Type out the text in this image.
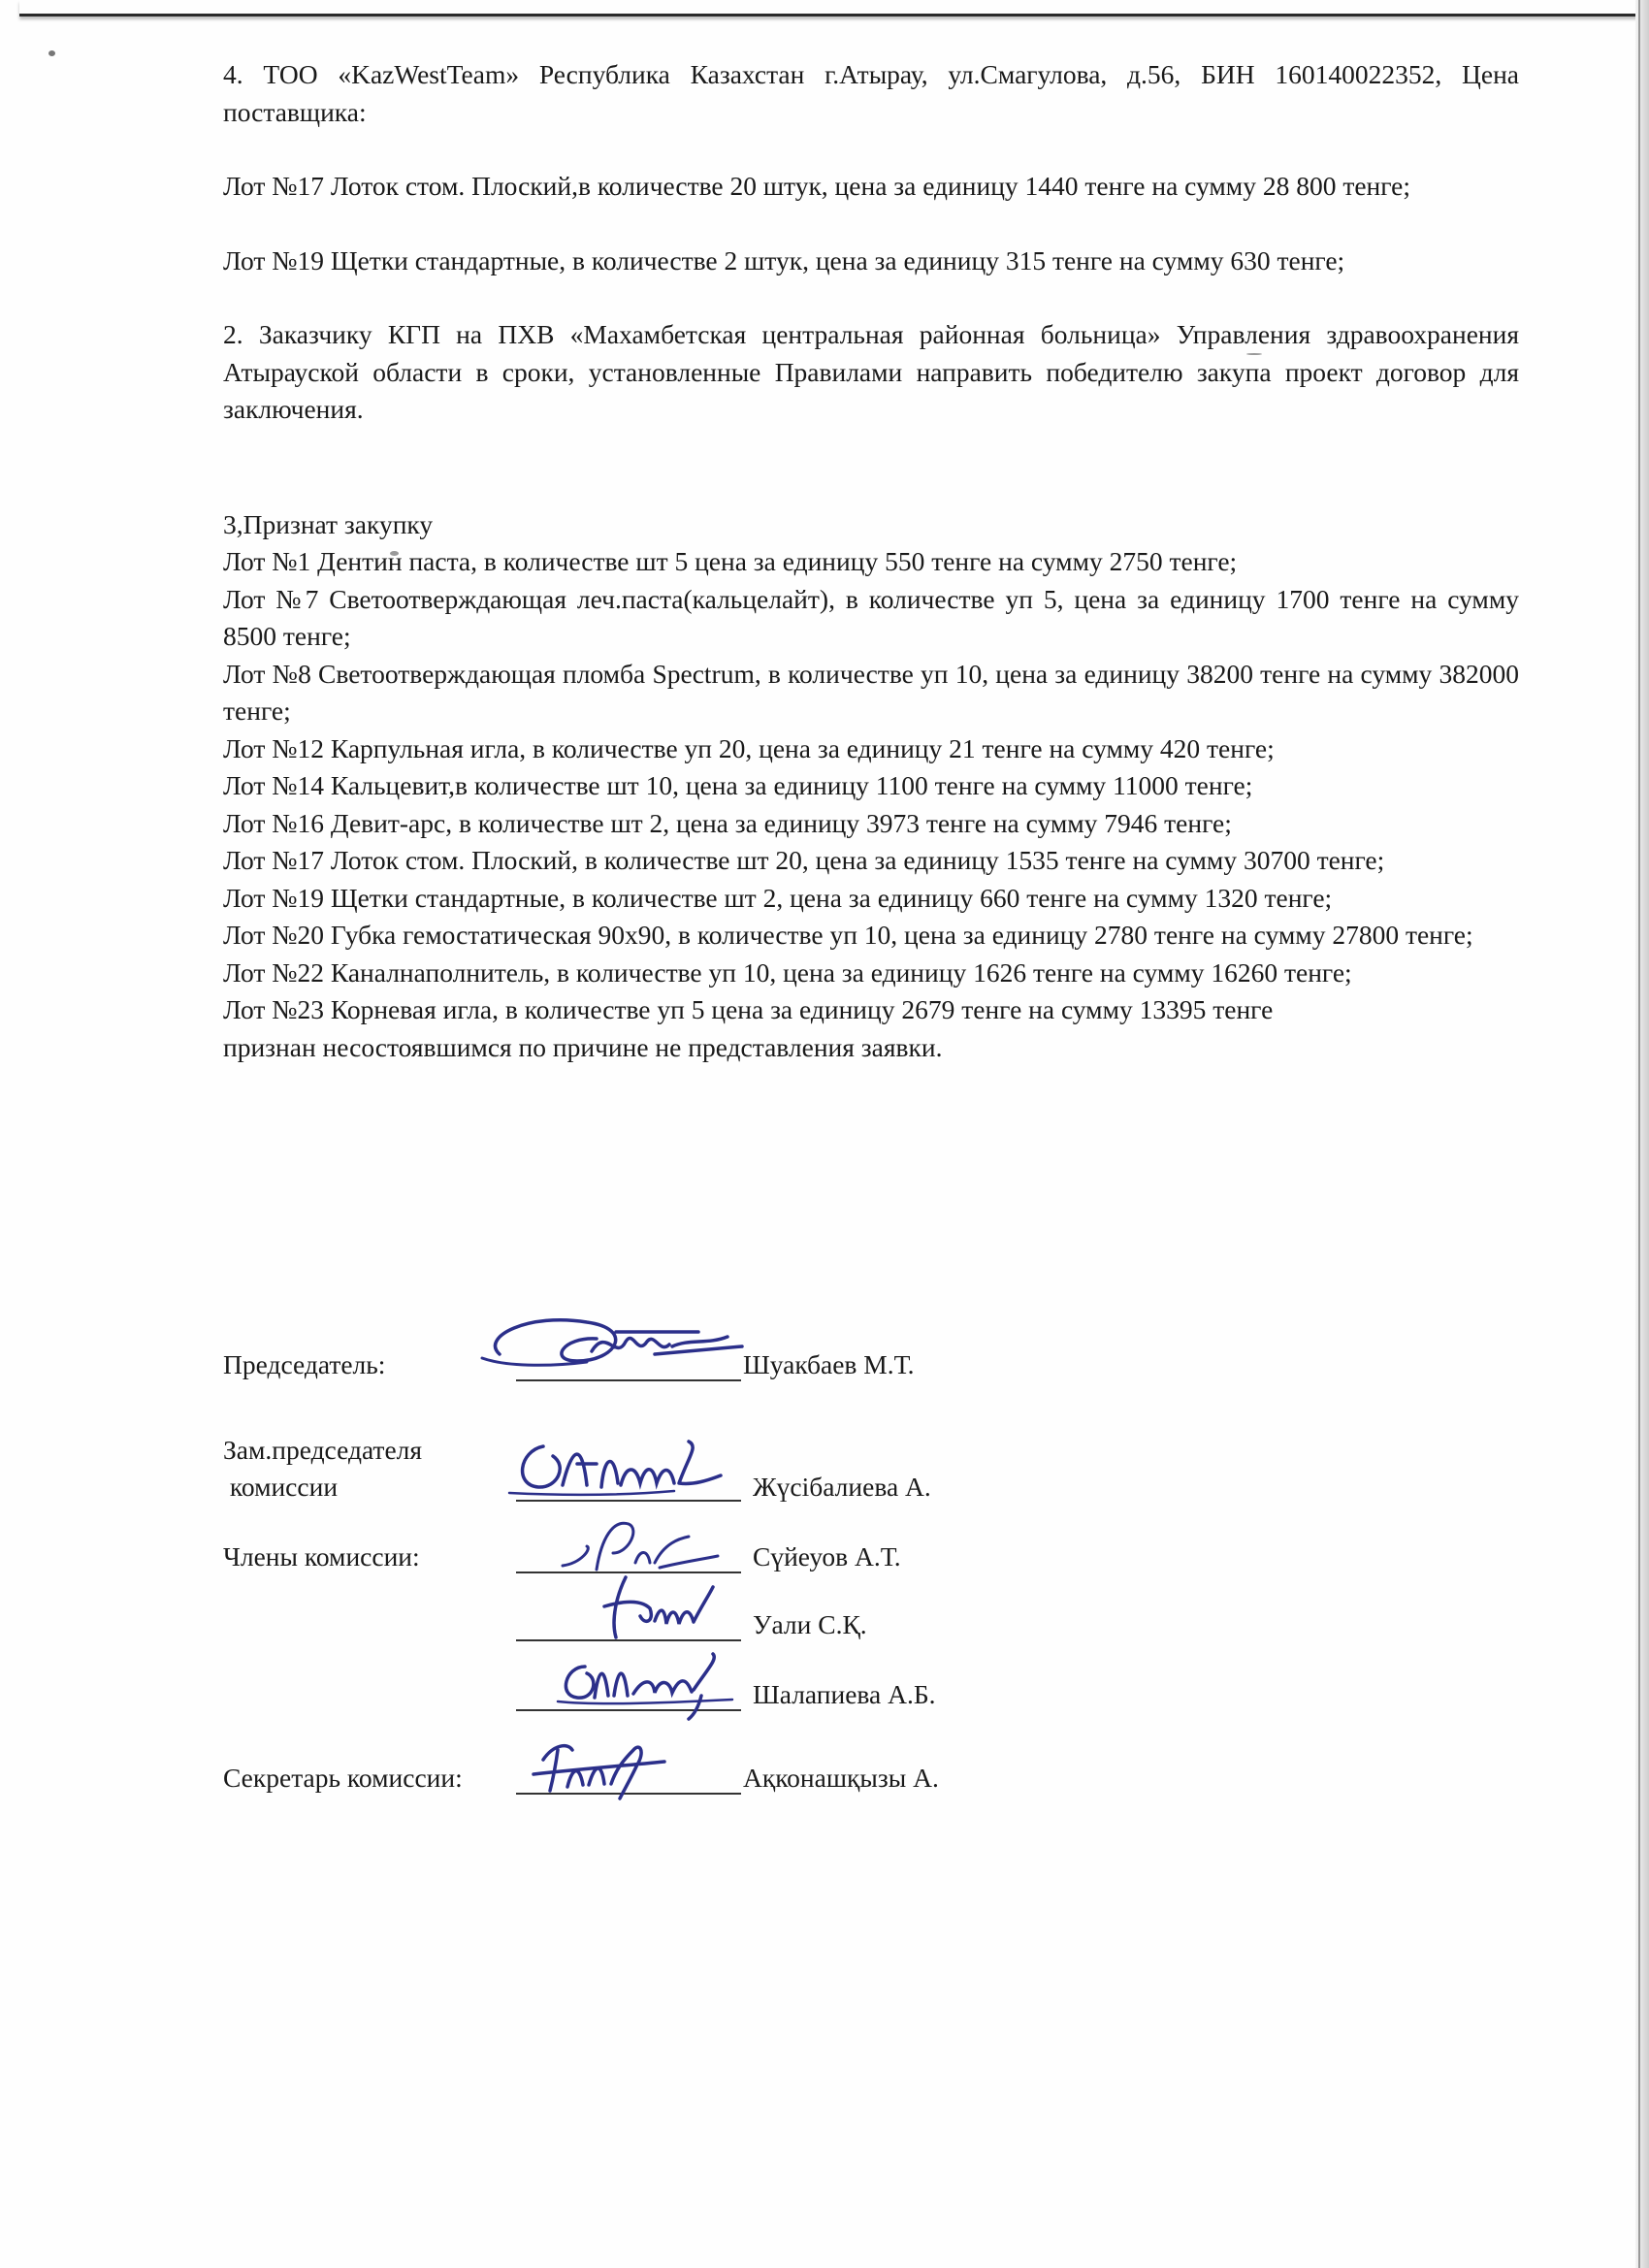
4. ТОО «KazWestTeam» Республика Казахстан г.Атырау, ул.Смагулова, д.56, БИН 160140022352, Цена поставщика:

Лот №17 Лоток стом. Плоский,в количестве 20 штук, цена за единицу 1440 тенге на сумму 28 800 тенге;

Лот №19 Щетки стандартные, в количестве 2 штук, цена за единицу 315 тенге на сумму 630 тенге;

2. Заказчику КГП на ПХВ «Махамбетская центральная районная больница» Управления здравоохранения Атырауской области в сроки, установленные Правилами направить победителю закупа проект договор для заключения.

3,Признат закупку

Лот №1 Дентин паста, в количестве шт 5 цена за единицу 550 тенге на сумму 2750 тенге;

Лот №7 Светоотверждающая леч.паста(кальцелайт), в количестве уп 5, цена за единицу 1700 тенге на сумму 8500 тенге;

Лот №8 Светоотверждающая пломба Spectrum, в количестве уп 10, цена за единицу 38200 тенге на сумму 382000 тенге;

Лот №12 Карпульная игла, в количестве уп 20, цена за единицу 21 тенге на сумму 420 тенге;

Лот №14 Кальцевит,в количестве шт 10, цена за единицу 1100 тенге на сумму 11000 тенге;

Лот №16 Девит-арс, в количестве шт 2, цена за единицу 3973 тенге на сумму 7946 тенге;

Лот №17 Лоток стом. Плоский, в количестве шт 20, цена за единицу 1535 тенге на сумму 30700 тенге;

Лот №19 Щетки стандартные, в количестве шт 2, цена за единицу 660 тенге на сумму 1320 тенге;

Лот №20 Губка гемостатическая 90х90, в количестве уп 10, цена за единицу 2780 тенге на сумму 27800 тенге;

Лот №22 Каналнаполнитель, в количестве уп 10, цена за единицу 1626 тенге на сумму 16260 тенге;

Лот №23 Корневая игла, в количестве уп 5 цена за единицу 2679 тенге на сумму 13395 тенге

признан несостоявшимся по причине не представления заявки.

Председатель:	Шуакбаев М.Т.
Зам.председателя
комиссии	Жүсібалиева А.
Члены комиссии:	Сүйеуов А.Т.
Уали С.Қ.
Шалапиева А.Б.
Секретарь комиссии:	Ақконашқызы А.
